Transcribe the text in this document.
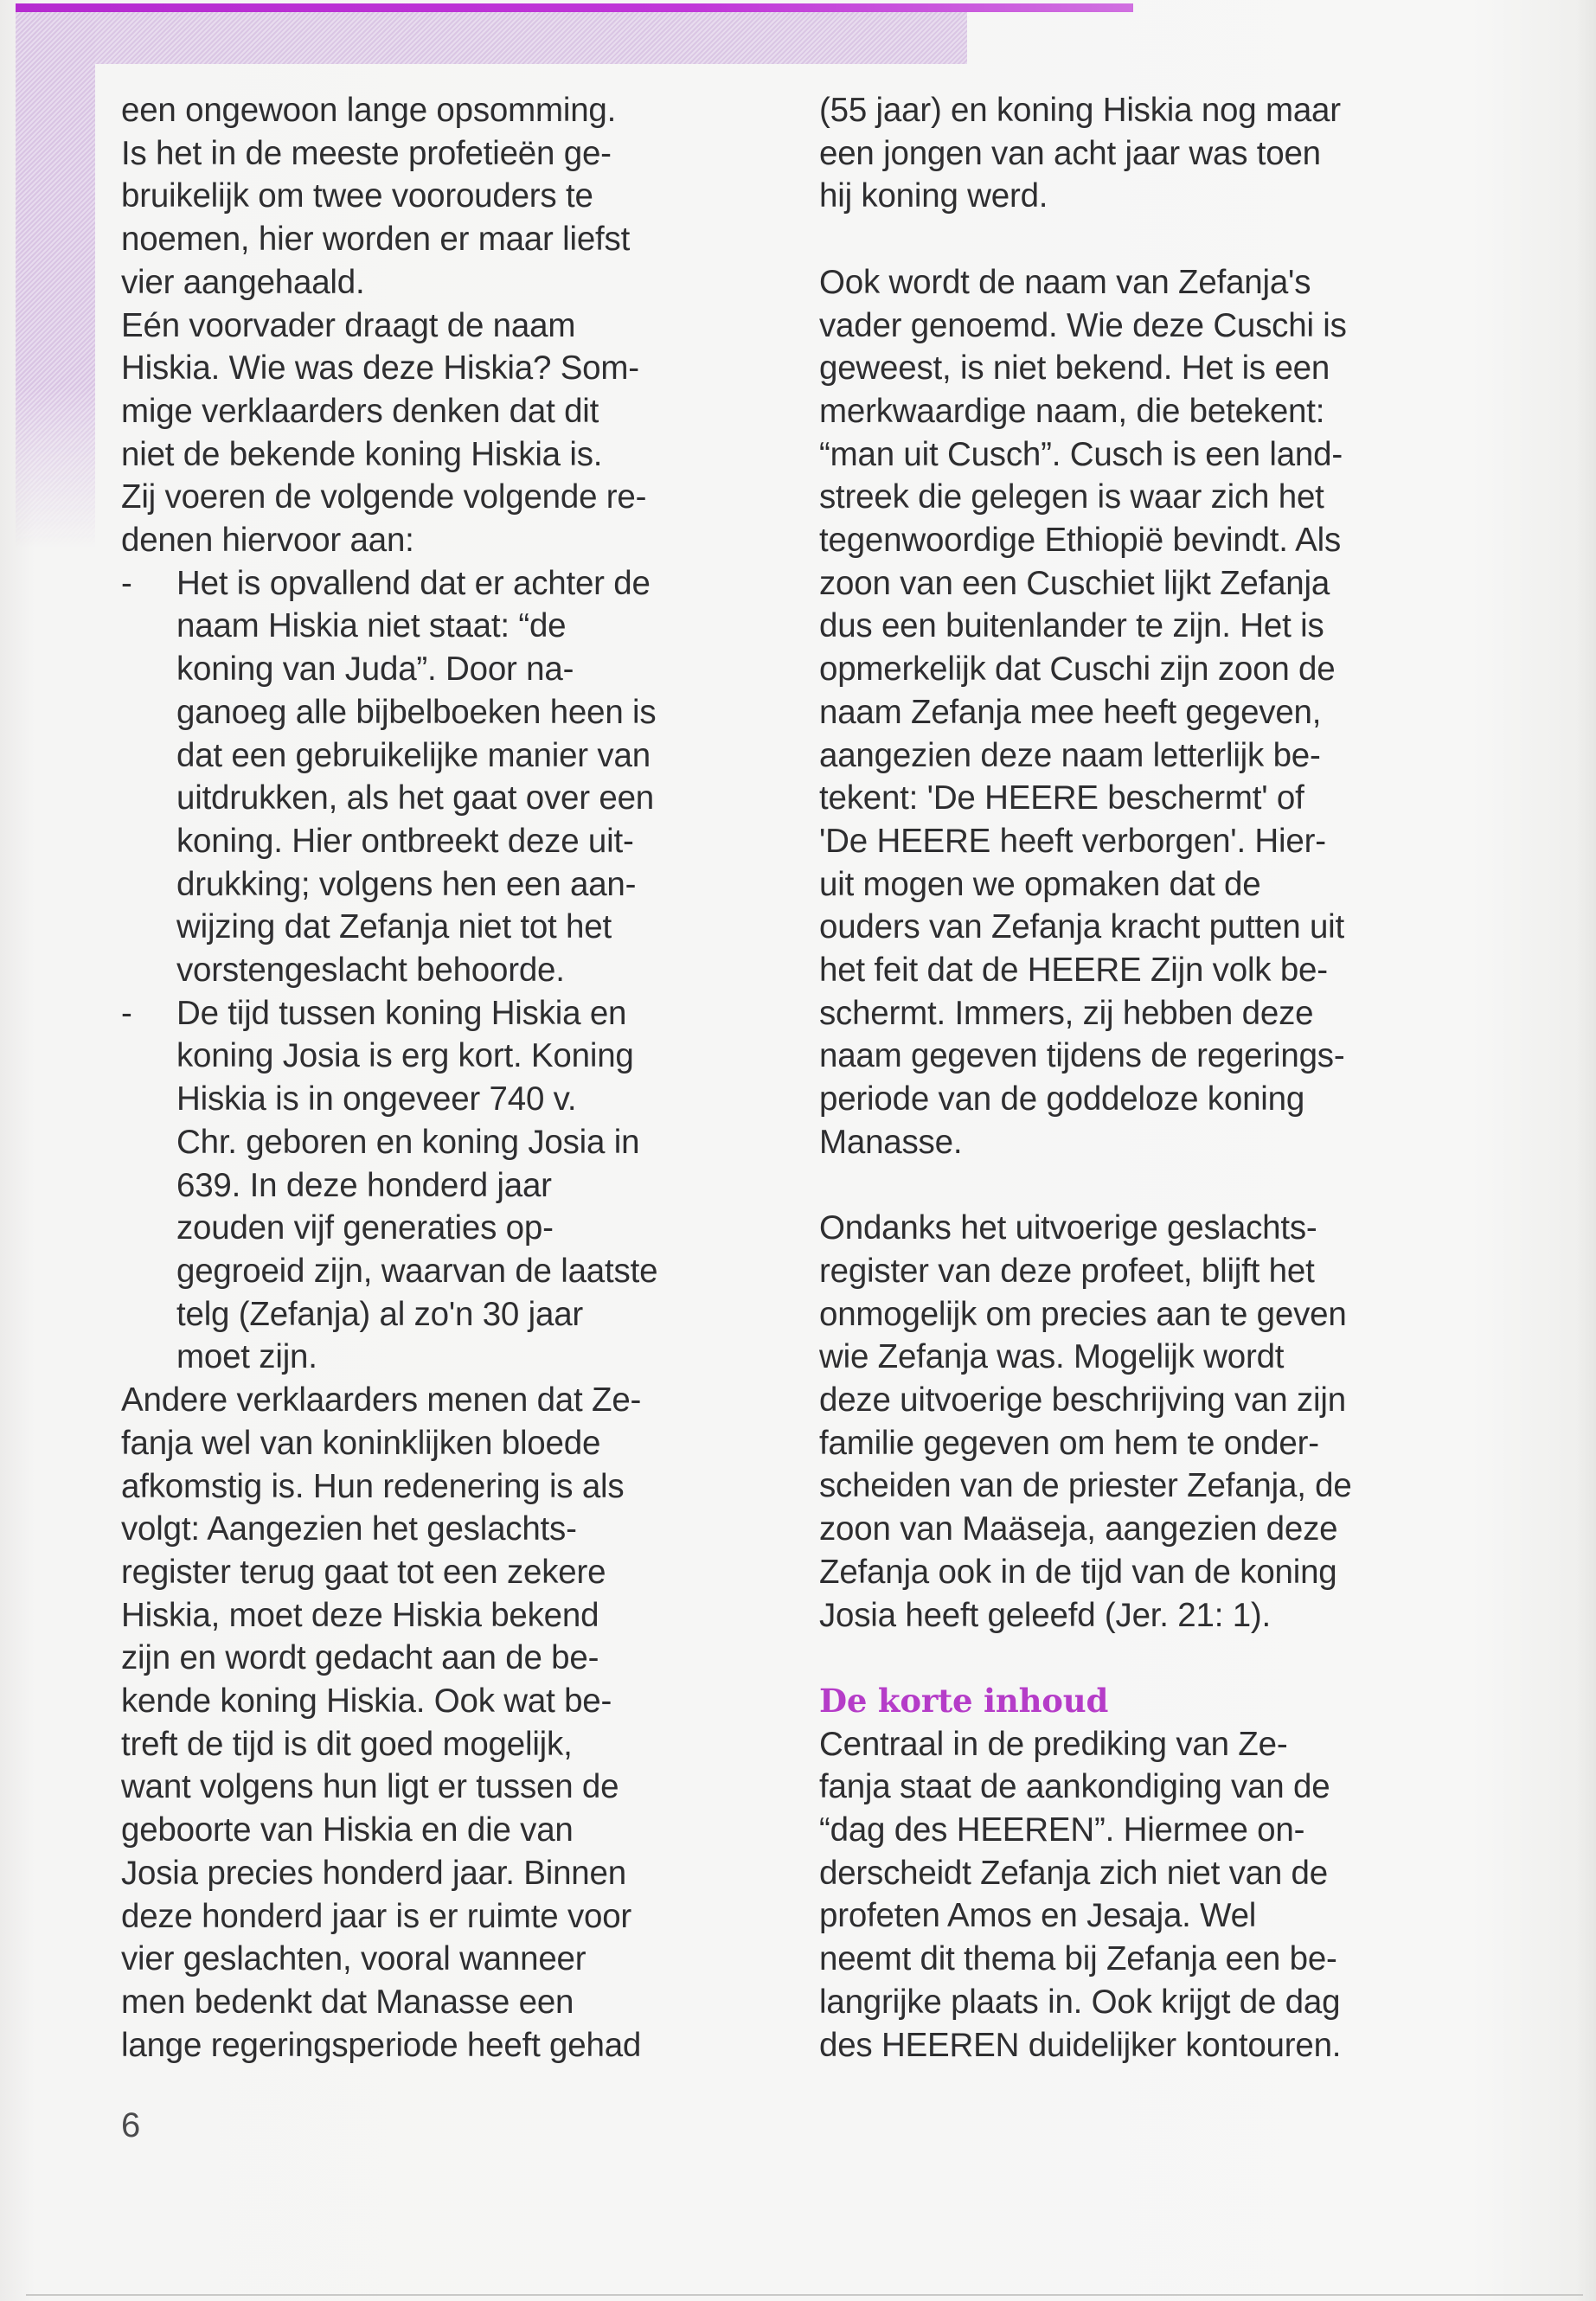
een ongewoon lange opsomming.
Is het in de meeste profetieën ge-
bruikelijk om twee voorouders te
noemen, hier worden er maar liefst
vier aangehaald.
Eén voorvader draagt de naam
Hiskia. Wie was deze Hiskia? Som-
mige verklaarders denken dat dit
niet de bekende koning Hiskia is.
Zij voeren de volgende volgende re-
denen hiervoor aan:
- Het is opvallend dat er achter de
naam Hiskia niet staat: “de
koning van Juda”. Door na-
ganoeg alle bijbelboeken heen is
dat een gebruikelijke manier van
uitdrukken, als het gaat over een
koning. Hier ontbreekt deze uit-
drukking; volgens hen een aan-
wijzing dat Zefanja niet tot het
vorstengeslacht behoorde.
- De tijd tussen koning Hiskia en
koning Josia is erg kort. Koning
Hiskia is in ongeveer 740 v.
Chr. geboren en koning Josia in
639. In deze honderd jaar
zouden vijf generaties op-
gegroeid zijn, waarvan de laatste
telg (Zefanja) al zo'n 30 jaar
moet zijn.
Andere verklaarders menen dat Ze-
fanja wel van koninklijken bloede
afkomstig is. Hun redenering is als
volgt: Aangezien het geslachts-
register terug gaat tot een zekere
Hiskia, moet deze Hiskia bekend
zijn en wordt gedacht aan de be-
kende koning Hiskia. Ook wat be-
treft de tijd is dit goed mogelijk,
want volgens hun ligt er tussen de
geboorte van Hiskia en die van
Josia precies honderd jaar. Binnen
deze honderd jaar is er ruimte voor
vier geslachten, vooral wanneer
men bedenkt dat Manasse een
lange regeringsperiode heeft gehad
(55 jaar) en koning Hiskia nog maar
een jongen van acht jaar was toen
hij koning werd.
Ook wordt de naam van Zefanja's
vader genoemd. Wie deze Cuschi is
geweest, is niet bekend. Het is een
merkwaardige naam, die betekent:
“man uit Cusch”. Cusch is een land-
streek die gelegen is waar zich het
tegenwoordige Ethiopië bevindt. Als
zoon van een Cuschiet lijkt Zefanja
dus een buitenlander te zijn. Het is
opmerkelijk dat Cuschi zijn zoon de
naam Zefanja mee heeft gegeven,
aangezien deze naam letterlijk be-
tekent: 'De HEERE beschermt' of
'De HEERE heeft verborgen'. Hier-
uit mogen we opmaken dat de
ouders van Zefanja kracht putten uit
het feit dat de HEERE Zijn volk be-
schermt. Immers, zij hebben deze
naam gegeven tijdens de regerings-
periode van de goddeloze koning
Manasse.
Ondanks het uitvoerige geslachts-
register van deze profeet, blijft het
onmogelijk om precies aan te geven
wie Zefanja was. Mogelijk wordt
deze uitvoerige beschrijving van zijn
familie gegeven om hem te onder-
scheiden van de priester Zefanja, de
zoon van Maäseja, aangezien deze
Zefanja ook in de tijd van de koning
Josia heeft geleefd (Jer. 21: 1).
De korte inhoud
Centraal in de prediking van Ze-
fanja staat de aankondiging van de
“dag des HEEREN”. Hiermee on-
derscheidt Zefanja zich niet van de
profeten Amos en Jesaja. Wel
neemt dit thema bij Zefanja een be-
langrijke plaats in. Ook krijgt de dag
des HEEREN duidelijker kontouren.
6
